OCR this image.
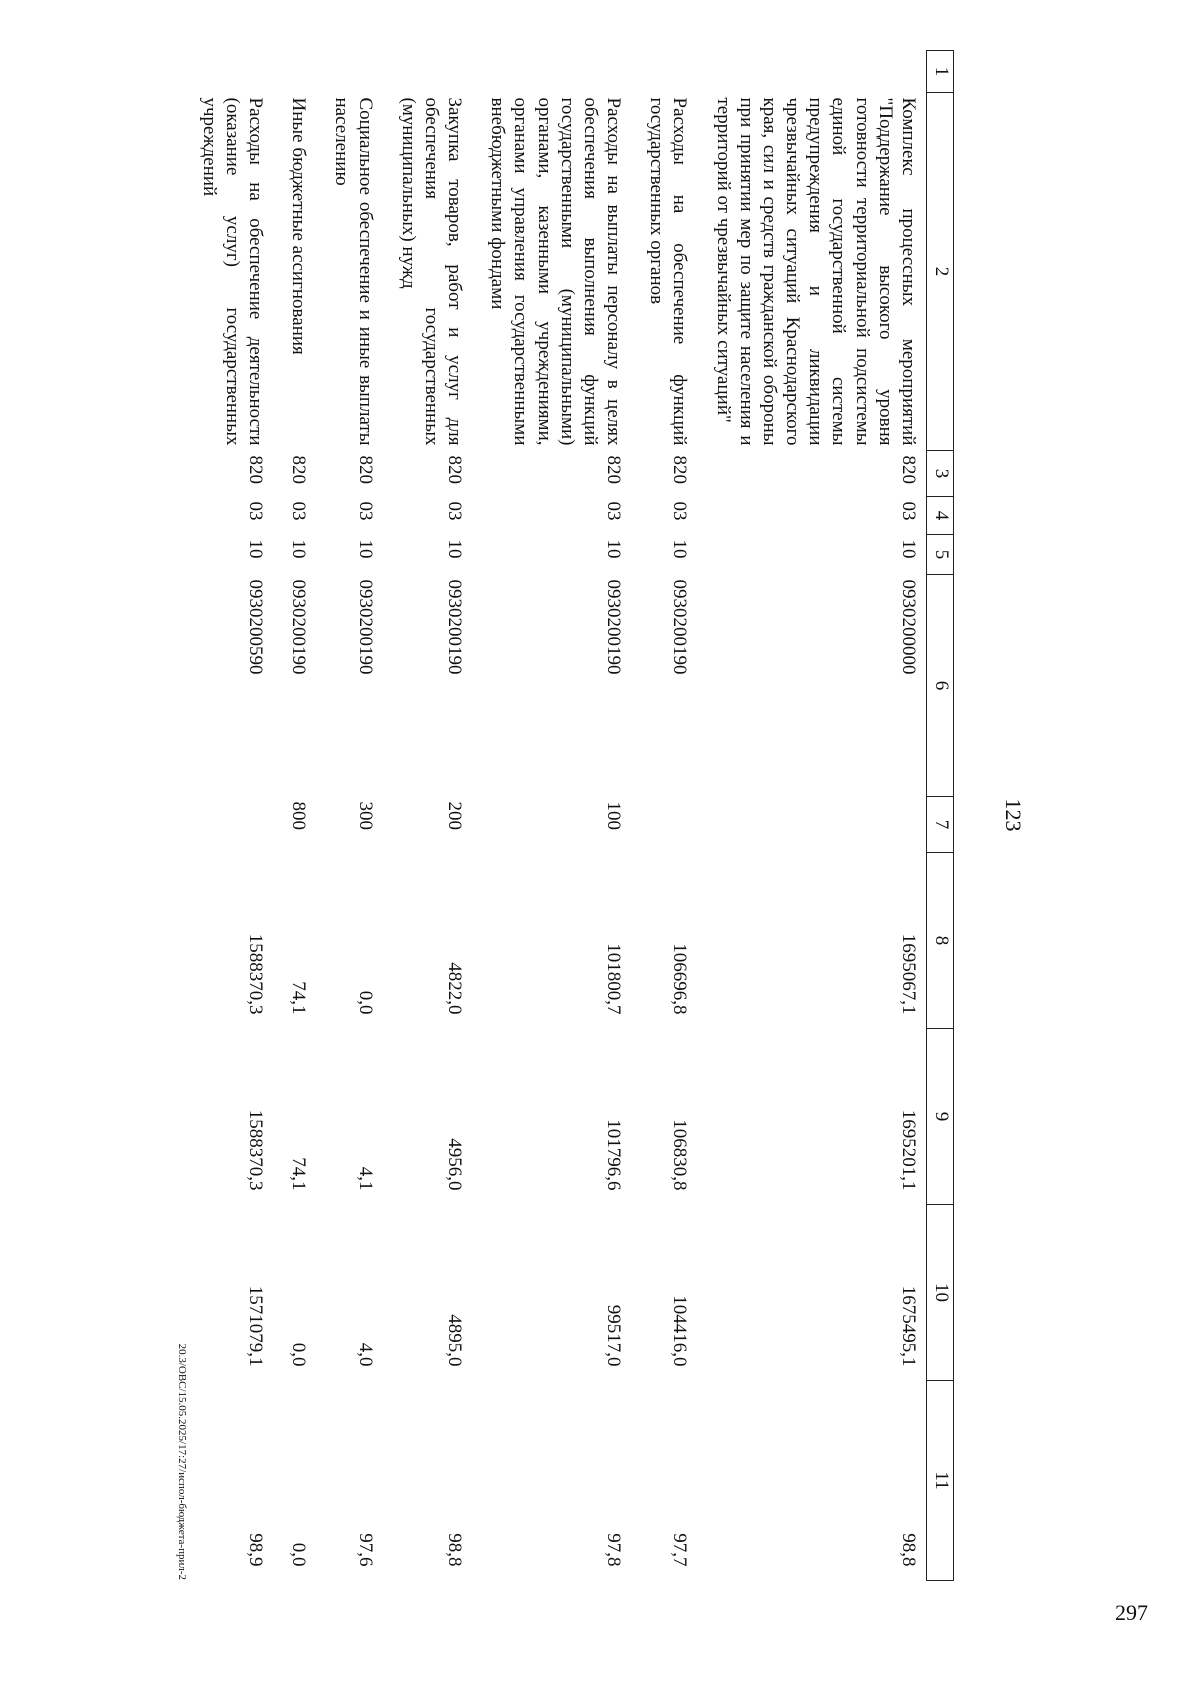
123
1	2	3	4	5	6	7	8	9	10	11
	Комплекс процессных мероприятий "Поддержание высокого уровня готовности территориальной подсистемы единой государственной системы предупреждения и ликвидации чрезвычайных ситуаций Краснодарского края, сил и средств гражданской обороны при принятии мер по защите населения и территорий от чрезвычайных ситуаций"	820	03	10	0930200000		1695067,1	1695201,1	1675495,1	98,8
	Расходы на обеспечение функций государственных органов	820	03	10	0930200190		106696,8	106830,8	104416,0	97,7
	Расходы на выплаты персоналу в целях обеспечения выполнения функций государственными (муниципальными) органами, казенными учреждениями, органами управления государственными внебюджетными фондами	820	03	10	0930200190	100	101800,7	101796,6	99517,0	97,8
	Закупка товаров, работ и услуг для обеспечения государственных (муниципальных) нужд	820	03	10	0930200190	200	4822,0	4956,0	4895,0	98,8
	Социальное обеспечение и иные выплаты населению	820	03	10	0930200190	300	0,0	4,1	4,0	97,6
	Иные бюджетные ассигнования	820	03	10	0930200190	800	74,1	74,1	0,0	0,0
	Расходы на обеспечение деятельности (оказание услуг) государственных учреждений	820	03	10	0930200590		1588370,3	1588370,3	1571079,1	98,9
20.3/ОВС/15.05.2025/17:27/испол-бюджета-прил-2
297
